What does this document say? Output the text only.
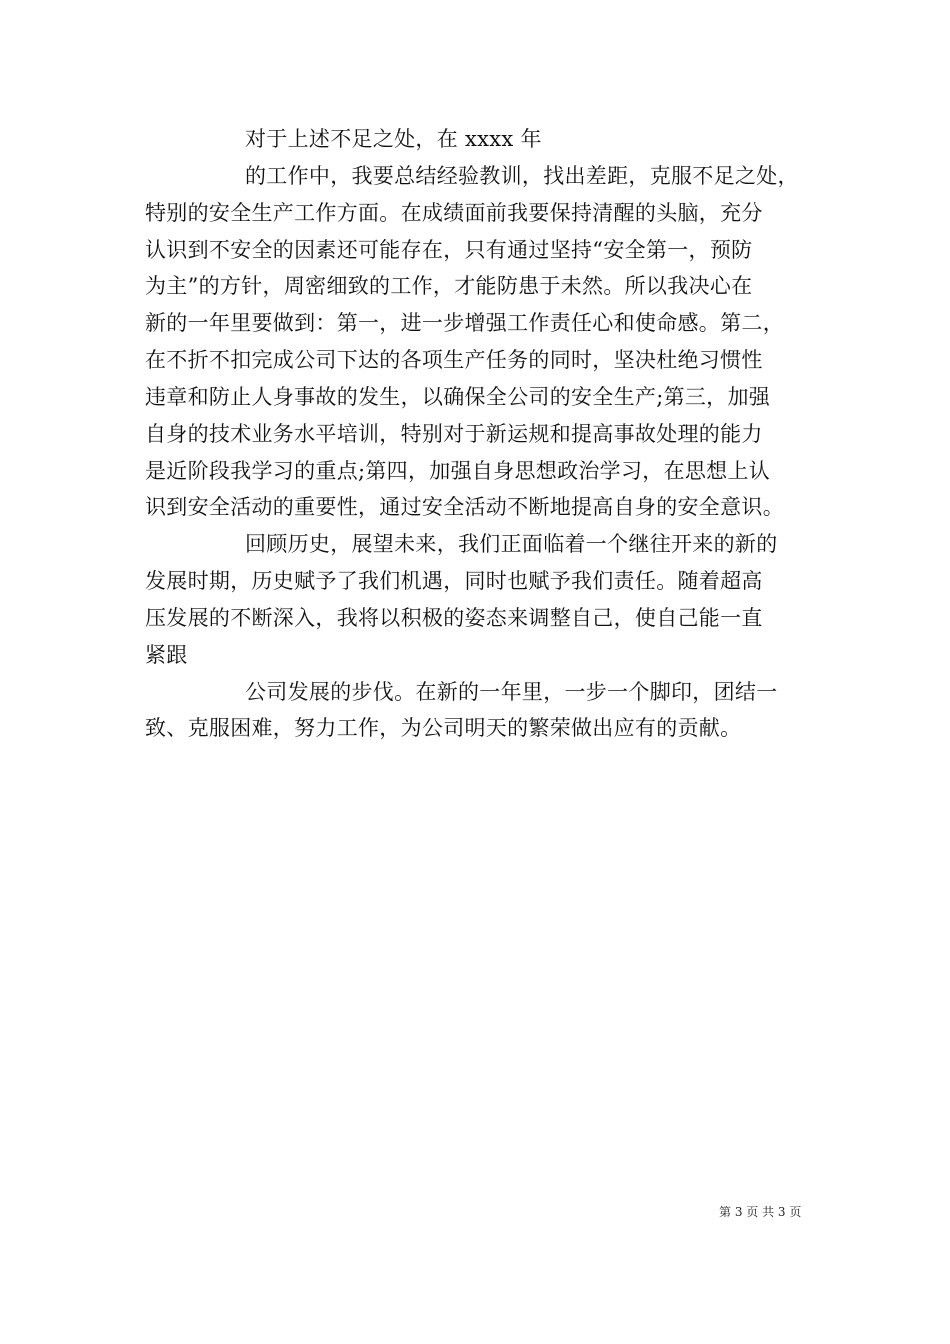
对于上述不足之处，在 xxxx 年
的工作中，我要总结经验教训，找出差距，克服不足之处，
特别的安全生产工作方面。在成绩面前我要保持清醒的头脑，充分
认识到不安全的因素还可能存在，只有通过坚持“安全第一，预防
为主”的方针，周密细致的工作，才能防患于未然。所以我决心在
新的一年里要做到：第一，进一步增强工作责任心和使命感。第二，
在不折不扣完成公司下达的各项生产任务的同时，坚决杜绝习惯性
违章和防止人身事故的发生，以确保全公司的安全生产;第三，加强
自身的技术业务水平培训，特别对于新运规和提高事故处理的能力
是近阶段我学习的重点;第四，加强自身思想政治学习，在思想上认
识到安全活动的重要性，通过安全活动不断地提高自身的安全意识。
回顾历史，展望未来，我们正面临着一个继往开来的新的
发展时期，历史赋予了我们机遇，同时也赋予我们责任。随着超高
压发展的不断深入，我将以积极的姿态来调整自己，使自己能一直
紧跟
公司发展的步伐。在新的一年里，一步一个脚印，团结一
致、克服困难，努力工作，为公司明天的繁荣做出应有的贡献。
第 3 页 共 3 页
